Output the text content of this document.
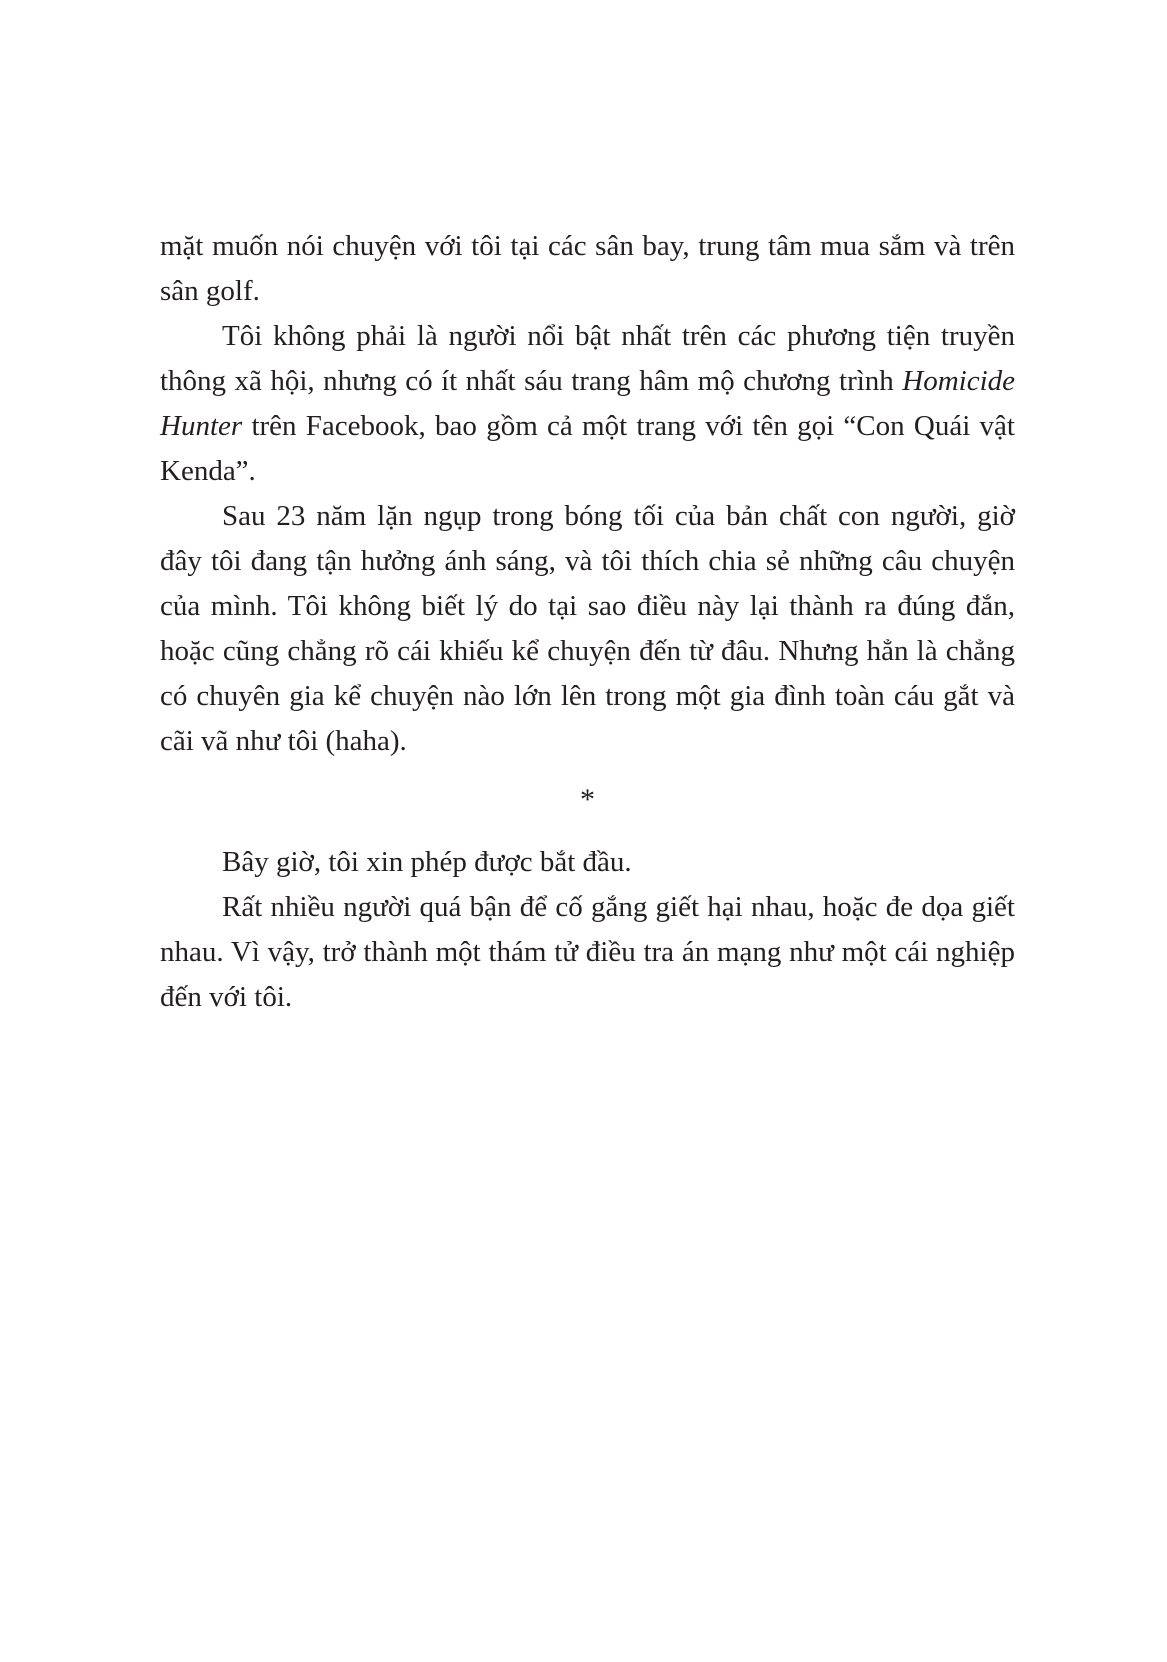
mặt muốn nói chuyện với tôi tại các sân bay, trung tâm mua sắm và trên sân golf.

Tôi không phải là người nổi bật nhất trên các phương tiện truyền thông xã hội, nhưng có ít nhất sáu trang hâm mộ chương trình Homicide Hunter trên Facebook, bao gồm cả một trang với tên gọi “Con Quái vật Kenda”.

Sau 23 năm lặn ngụp trong bóng tối của bản chất con người, giờ đây tôi đang tận hưởng ánh sáng, và tôi thích chia sẻ những câu chuyện của mình. Tôi không biết lý do tại sao điều này lại thành ra đúng đắn, hoặc cũng chẳng rõ cái khiếu kể chuyện đến từ đâu. Nhưng hẳn là chẳng có chuyên gia kể chuyện nào lớn lên trong một gia đình toàn cáu gắt và cãi vã như tôi (haha).

*

Bây giờ, tôi xin phép được bắt đầu.

Rất nhiều người quá bận để cố gắng giết hại nhau, hoặc đe dọa giết nhau. Vì vậy, trở thành một thám tử điều tra án mạng như một cái nghiệp đến với tôi.
